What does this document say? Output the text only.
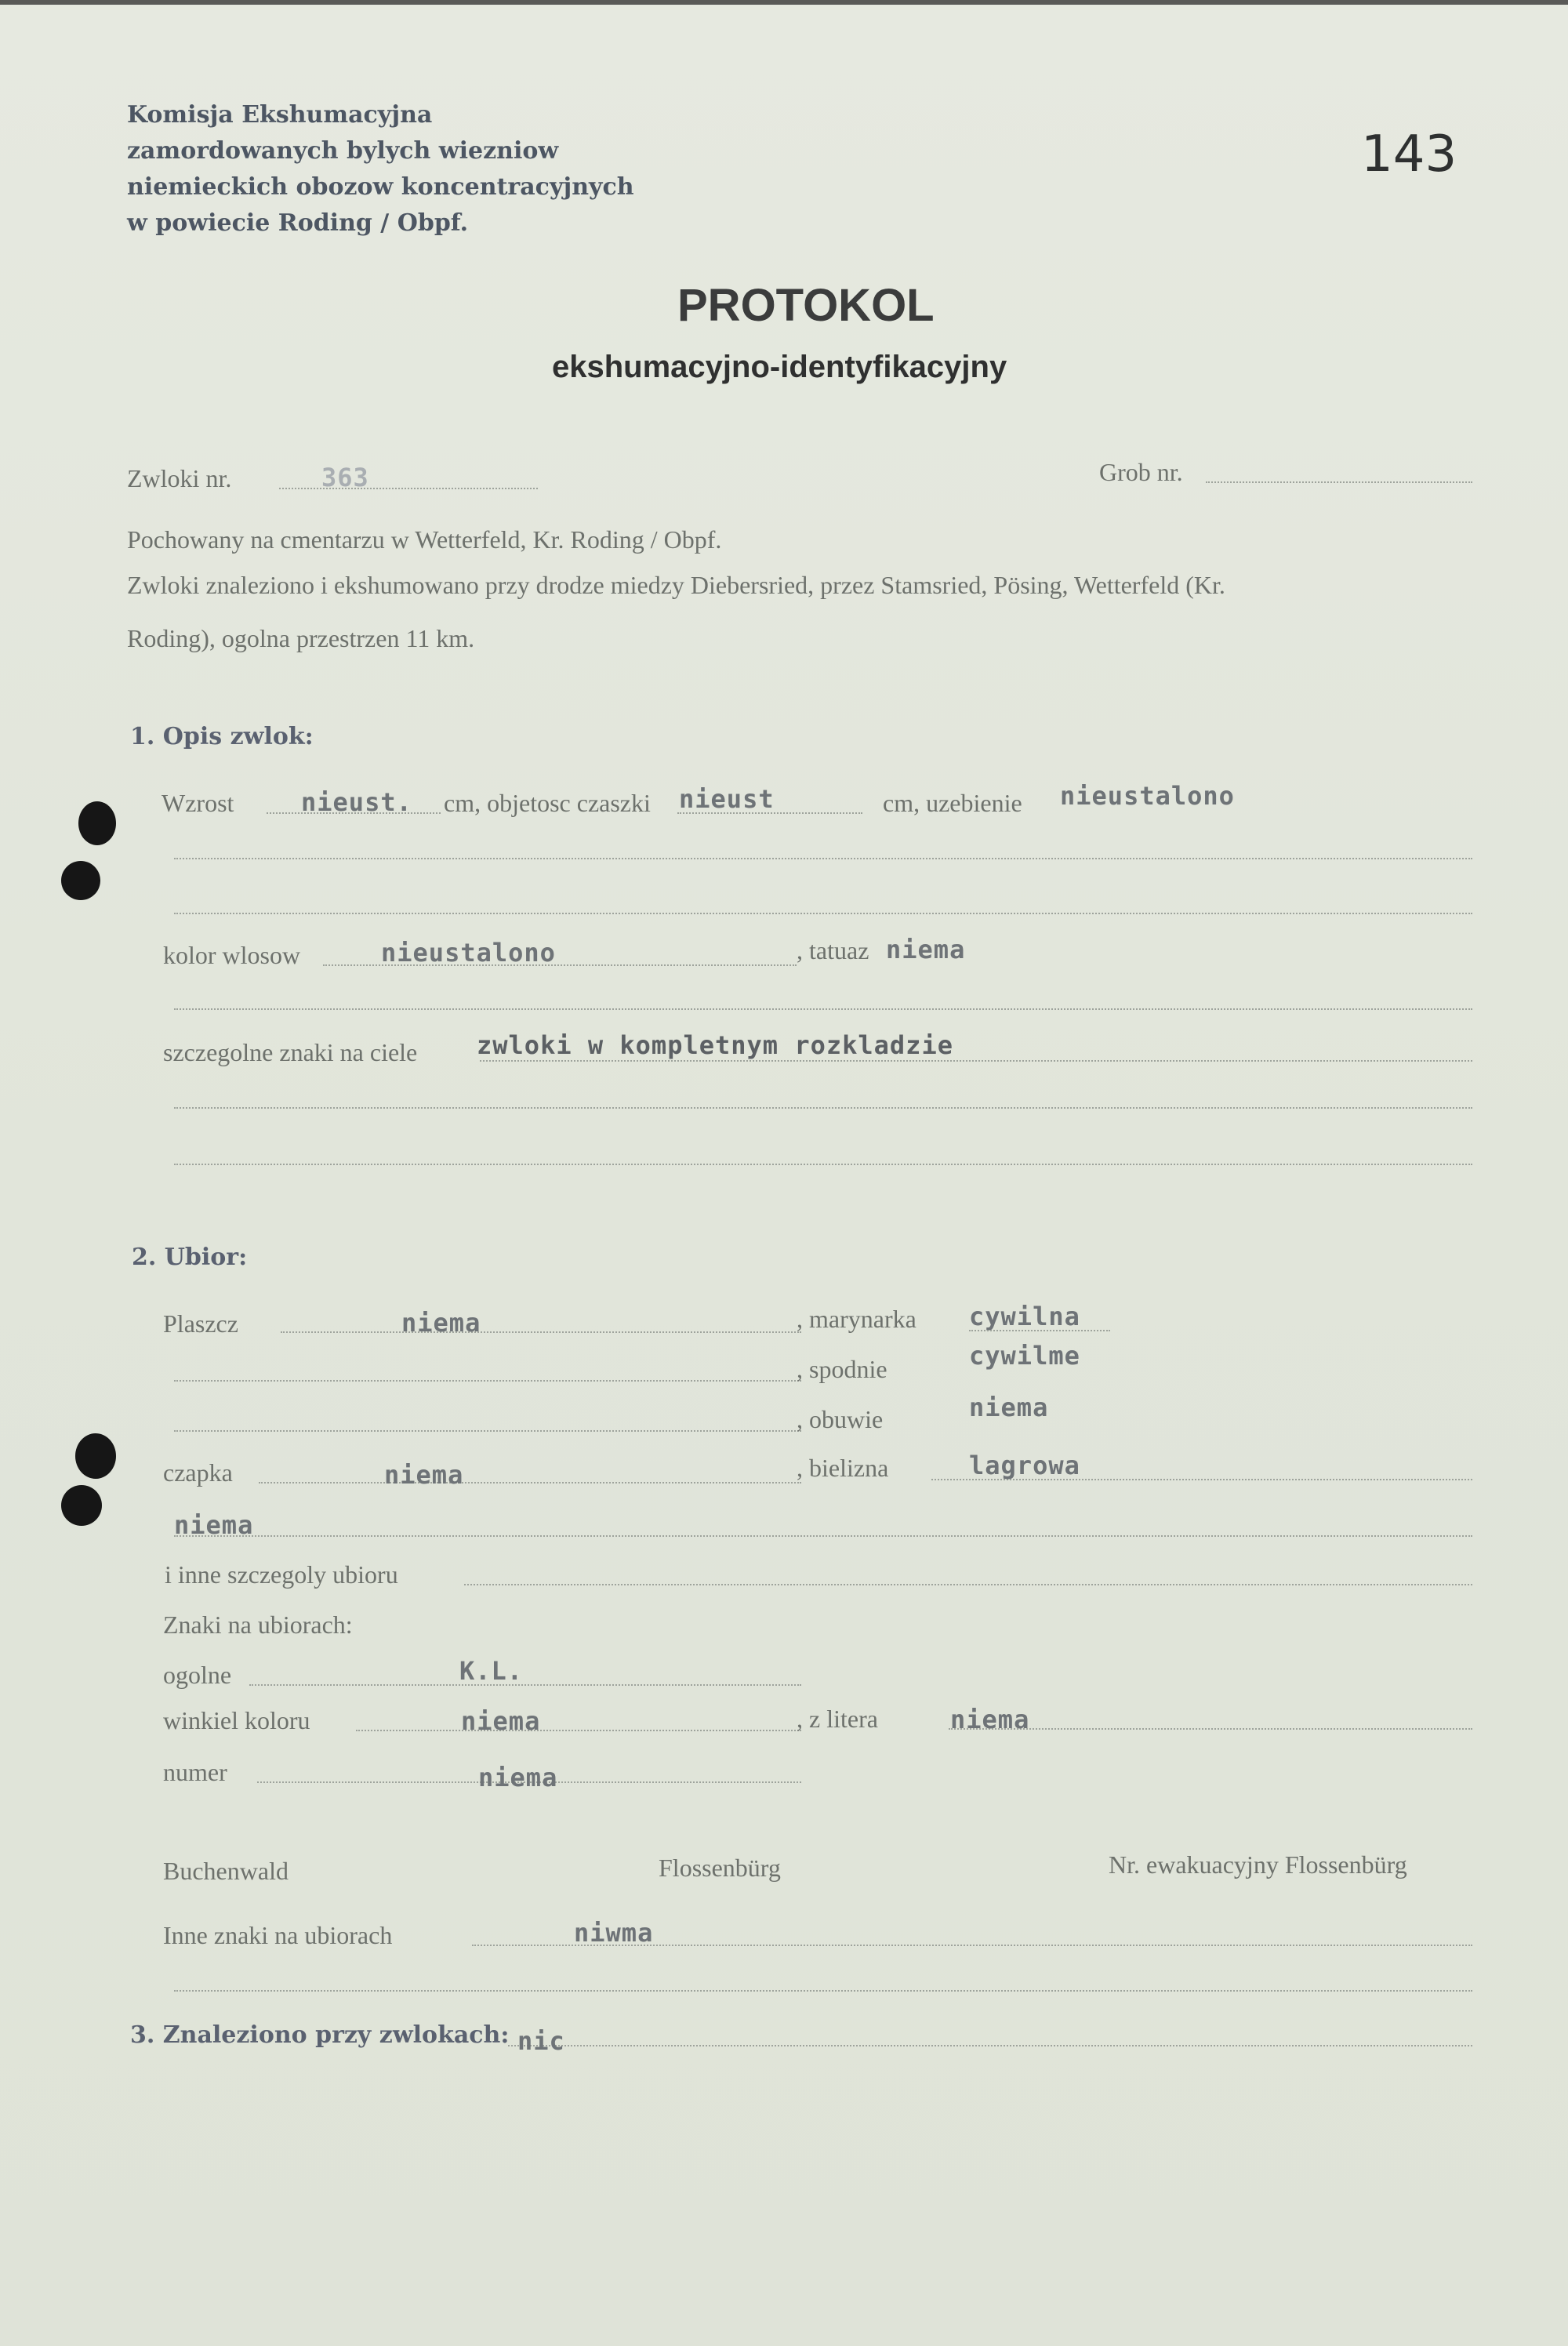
Komisja Ekshumacyjna
zamordowanych bylych wiezniow
niemieckich obozow koncentracyjnych
w powiecie Roding / Obpf.
143
PROTOKOL
ekshumacyjno-identyfikacyjny
Zwloki nr.	363	Grob nr.
Pochowany na cmentarzu w Wetterfeld, Kr. Roding / Obpf.
Zwloki znaleziono i ekshumowano przy drodze miedzy Diebersried, przez Stamsried, Pösing, Wetterfeld (Kr.
Roding), ogolna przestrzen 11 km.
1. Opis zwlok:
Wzrost	nieust. cm, objetosc czaszki nieust	cm, uzebienie nieustalono
kolor wlosow	nieustalono	, tatuaz niema
szczegolne znaki na ciele zwloki w kompletnym rozkladzie
2. Ubior:
Plaszcz	niema	, marynarka cywilna
, spodnie	cywilme
, obuwie	niema
czapka	niema	, bielizna	lagrowa
niema
i inne szczegoly ubioru
Znaki na ubiorach:
ogolne	K.L.
winkiel koloru	niema	, z litera	niema
numer	niema
Buchenwald	Flossenbürg	Nr. ewakuacyjny Flossenbürg
Inne znaki na ubiorach	niwma
3. Znaleziono przy zwlokach: nic
